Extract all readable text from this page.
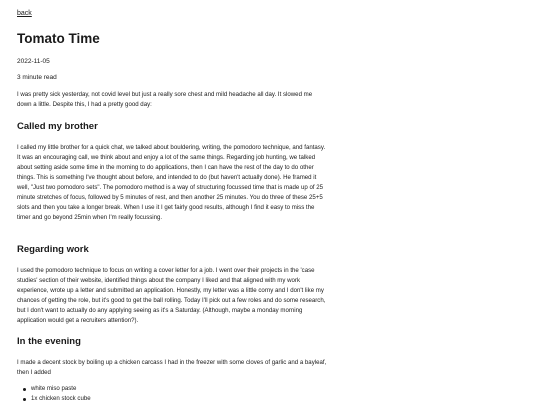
back
Tomato Time
2022-11-05
3 minute read

I was pretty sick yesterday, not covid level but just a really sore chest and mild headache all day. It slowed me down a little. Despite this, I had a pretty good day:

Called my brother

I called my little brother for a quick chat, we talked about bouldering, writing, the pomodoro technique, and fantasy. It was an encouraging call, we think about and enjoy a lot of the same things. Regarding job hunting, we talked about setting aside some time in the morning to do applications, then I can have the rest of the day to do other things. This is something I've thought about before, and intended to do (but haven't actually done). He framed it well, "Just two pomodoro sets". The pomodoro method is a way of structuring focussed time that is made up of 25 minute stretches of focus, followed by 5 minutes of rest, and then another 25 minutes. You do three of these 25+5 slots and then you take a longer break. When I use it I get fairly good results, although I find it easy to miss the timer and go beyond 25min when I'm really focussing.

Regarding work

I used the pomodoro technique to focus on writing a cover letter for a job. I went over their projects in the 'case studies' section of their website, identified things about the company I liked and that aligned with my work experience, wrote up a letter and submitted an application. Honestly, my letter was a little corny and I don't like my chances of getting the role, but it's good to get the ball rolling. Today I'll pick out a few roles and do some research, but I don't want to actually do any applying seeing as it's a Saturday. (Although, maybe a monday morning application would get a recruiters attention?).

In the evening

I made a decent stock by boiling up a chicken carcass I had in the freezer with some cloves of garlic and a bayleaf, then I added

white miso paste
1x chicken stock cube
